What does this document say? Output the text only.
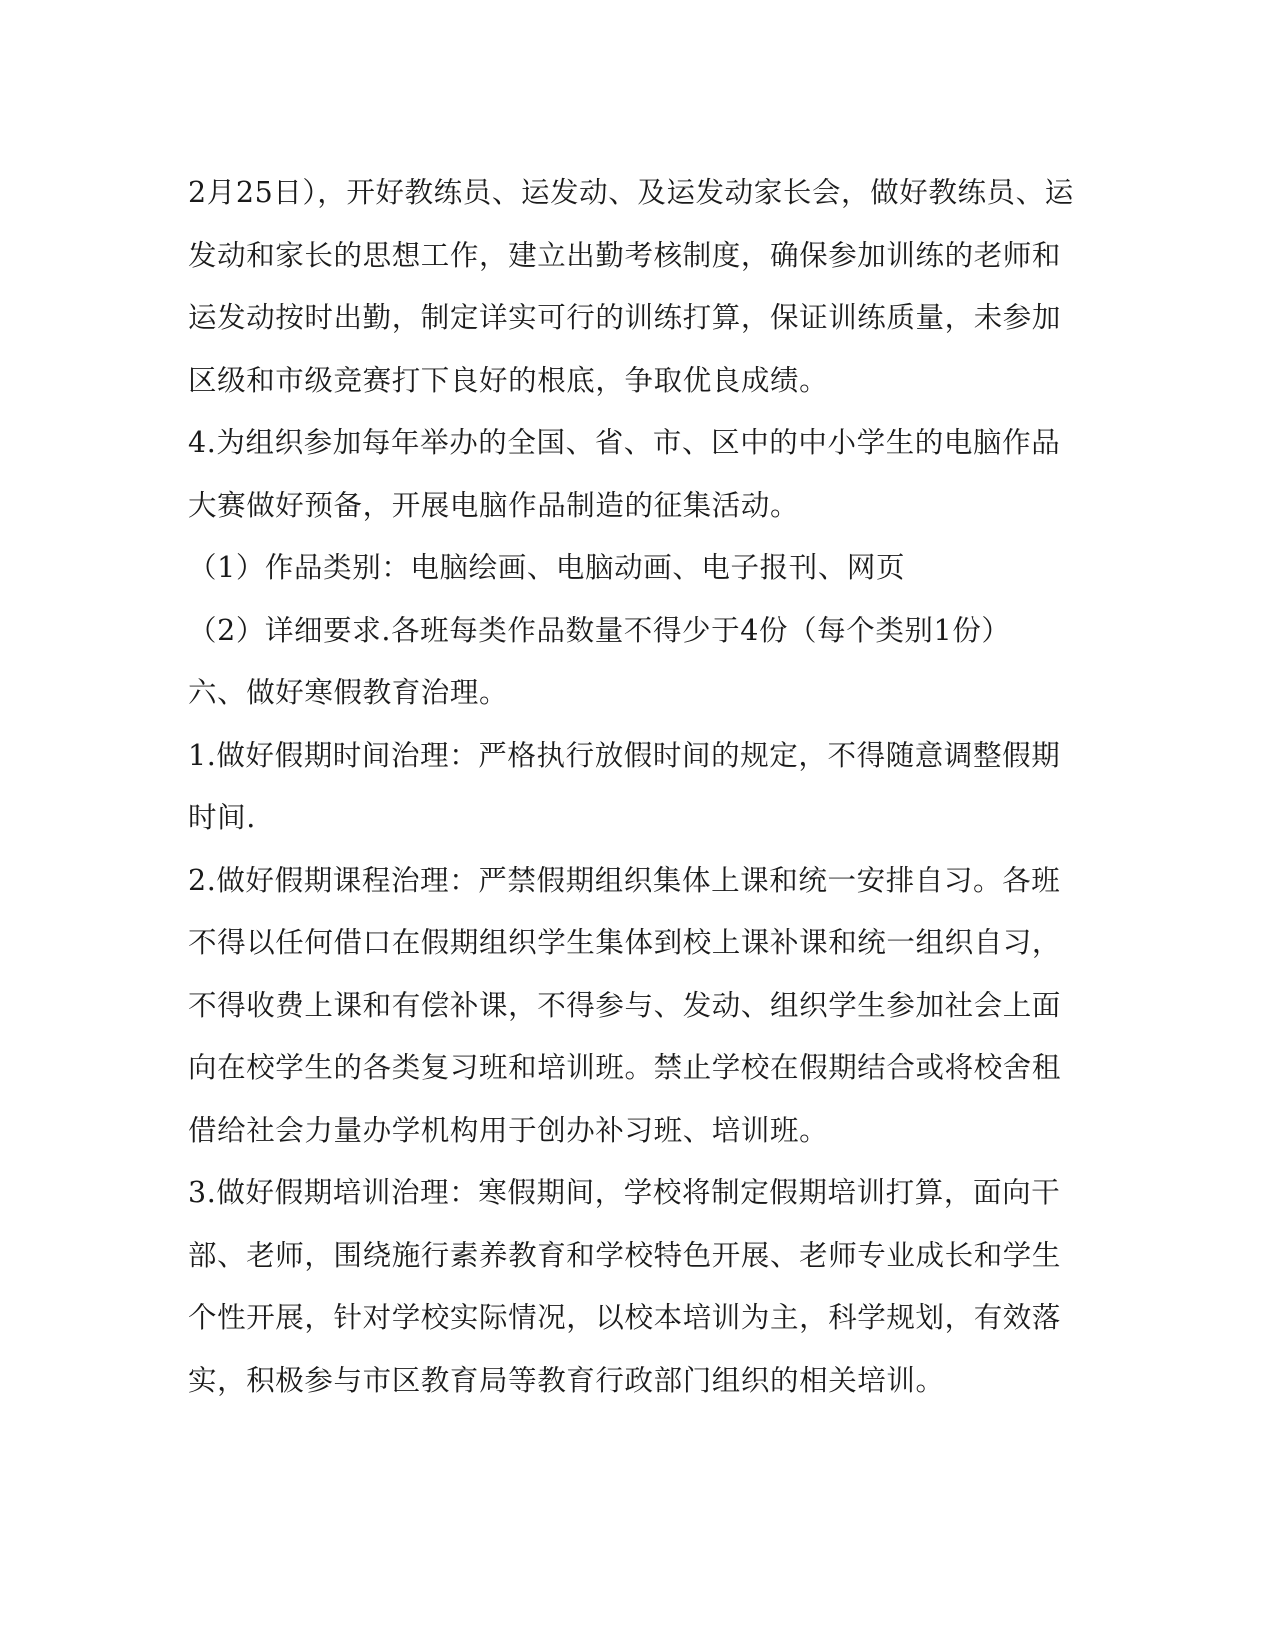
2月25日），开好教练员、运发动、及运发动家长会，做好教练员、运
发动和家长的思想工作，建立出勤考核制度，确保参加训练的老师和
运发动按时出勤，制定详实可行的训练打算，保证训练质量，未参加
区级和市级竞赛打下良好的根底，争取优良成绩。
4.为组织参加每年举办的全国、省、市、区中的中小学生的电脑作品
大赛做好预备，开展电脑作品制造的征集活动。
（1）作品类别：电脑绘画、电脑动画、电子报刊、网页
（2）详细要求.各班每类作品数量不得少于4份（每个类别1份）
六、做好寒假教育治理。
1.做好假期时间治理：严格执行放假时间的规定，不得随意调整假期
时间.
2.做好假期课程治理：严禁假期组织集体上课和统一安排自习。各班
不得以任何借口在假期组织学生集体到校上课补课和统一组织自习，
不得收费上课和有偿补课，不得参与、发动、组织学生参加社会上面
向在校学生的各类复习班和培训班。禁止学校在假期结合或将校舍租
借给社会力量办学机构用于创办补习班、培训班。
3.做好假期培训治理：寒假期间，学校将制定假期培训打算，面向干
部、老师，围绕施行素养教育和学校特色开展、老师专业成长和学生
个性开展，针对学校实际情况，以校本培训为主，科学规划，有效落
实，积极参与市区教育局等教育行政部门组织的相关培训。
